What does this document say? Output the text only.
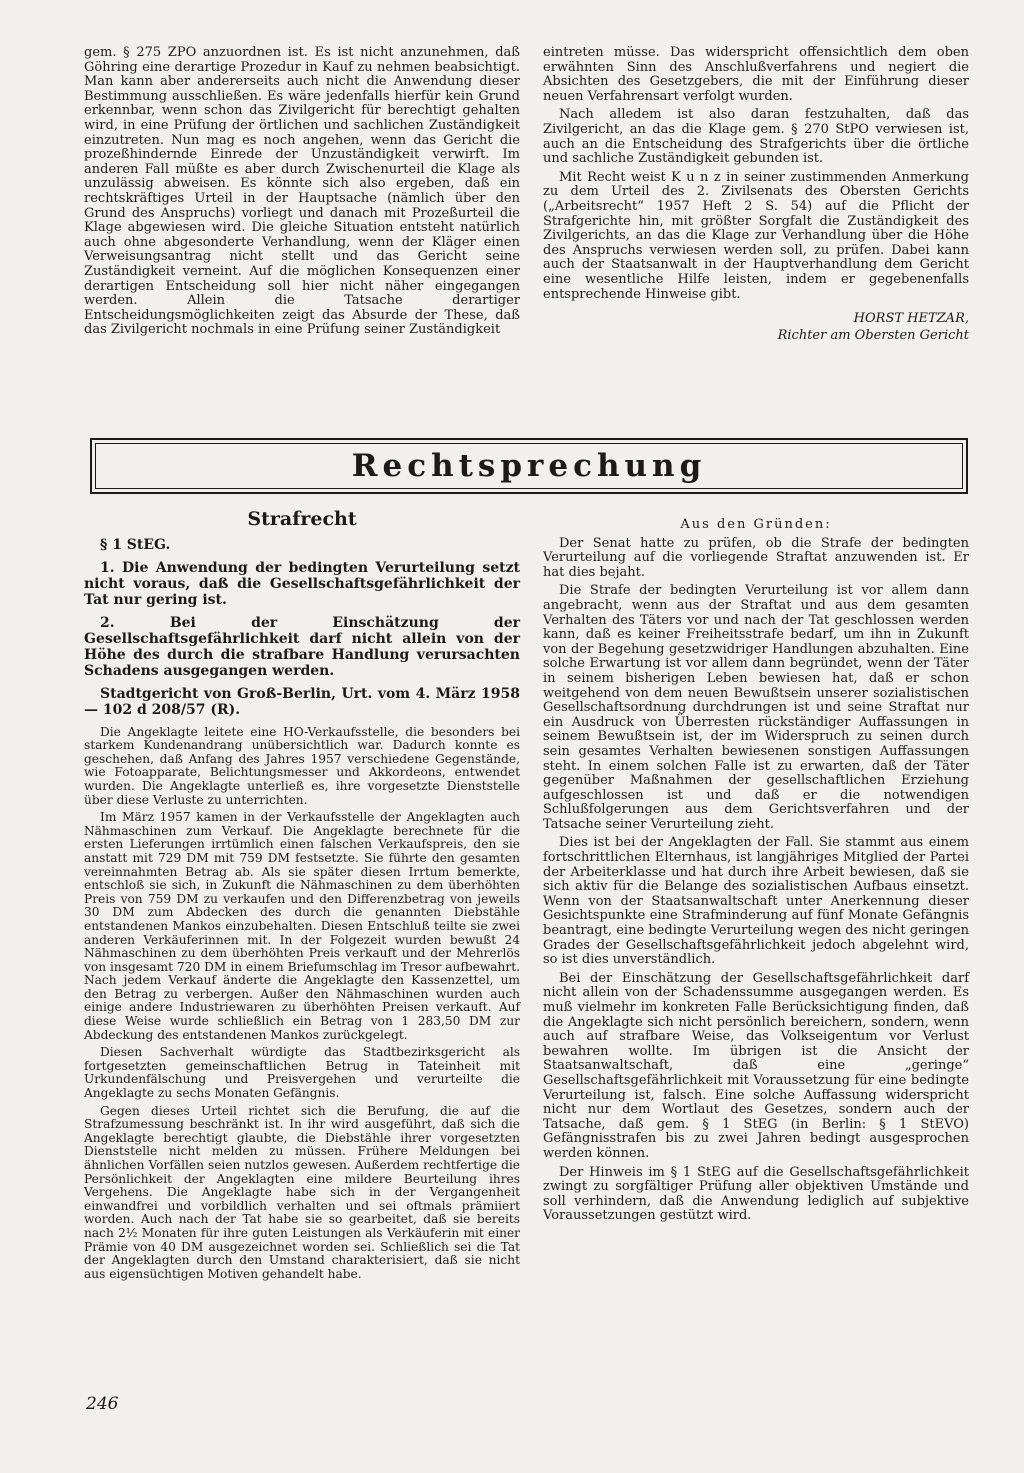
gem. § 275 ZPO anzuordnen ist. Es ist nicht anzunehmen, daß Göhring eine derartige Prozedur in Kauf zu nehmen beabsichtigt. Man kann aber andererseits auch nicht die Anwendung dieser Bestimmung ausschließen. Es wäre jedenfalls hierfür kein Grund erkennbar, wenn schon das Zivilgericht für berechtigt gehalten wird, in eine Prüfung der örtlichen und sachlichen Zuständigkeit einzutreten. Nun mag es noch angehen, wenn das Gericht die prozeßhindernde Einrede der Unzuständigkeit verwirft. Im anderen Fall müßte es aber durch Zwischenurteil die Klage als unzulässig abweisen. Es könnte sich also ergeben, daß ein rechtskräftiges Urteil in der Hauptsache (nämlich über den Grund des Anspruchs) vorliegt und danach mit Prozeßurteil die Klage abgewiesen wird. Die gleiche Situation entsteht natürlich auch ohne abgesonderte Verhandlung, wenn der Kläger einen Verweisungsantrag nicht stellt und das Gericht seine Zuständigkeit verneint. Auf die möglichen Konsequenzen einer derartigen Entscheidung soll hier nicht näher eingegangen werden. Allein die Tatsache derartiger Entscheidungsmöglichkeiten zeigt das Absurde der These, daß das Zivilgericht nochmals in eine Prüfung seiner Zuständigkeit

eintreten müsse. Das widerspricht offensichtlich dem oben erwähnten Sinn des Anschlußverfahrens und negiert die Absichten des Gesetzgebers, die mit der Einführung dieser neuen Verfahrensart verfolgt wurden.

Nach alledem ist also daran festzuhalten, daß das Zivilgericht, an das die Klage gem. § 270 StPO verwiesen ist, auch an die Entscheidung des Strafgerichts über die örtliche und sachliche Zuständigkeit gebunden ist.

Mit Recht weist K u n z in seiner zustimmenden Anmerkung zu dem Urteil des 2. Zivilsenats des Obersten Gerichts („Arbeitsrecht“ 1957 Heft 2 S. 54) auf die Pflicht der Strafgerichte hin, mit größter Sorgfalt die Zuständigkeit des Zivilgerichts, an das die Klage zur Verhandlung über die Höhe des Anspruchs verwiesen werden soll, zu prüfen. Dabei kann auch der Staatsanwalt in der Hauptverhandlung dem Gericht eine wesentliche Hilfe leisten, indem er gegebenenfalls entsprechende Hinweise gibt.

HORST HETZAR,
Richter am Obersten Gericht
Rechtsprechung
Strafrecht

§ 1 StEG.

1. Die Anwendung der bedingten Verurteilung setzt nicht voraus, daß die Gesellschaftsgefährlichkeit der Tat nur gering ist.

2. Bei der Einschätzung der Gesellschaftsgefährlichkeit darf nicht allein von der Höhe des durch die strafbare Handlung verursachten Schadens ausgegangen werden.

Stadtgericht von Groß-Berlin, Urt. vom 4. März 1958 — 102 d 208/57 (R).

Die Angeklagte leitete eine HO-Verkaufsstelle, die besonders bei starkem Kundenandrang unübersichtlich war. Dadurch konnte es geschehen, daß Anfang des Jahres 1957 verschiedene Gegenstände, wie Fotoapparate, Belichtungsmesser und Akkordeons, entwendet wurden. Die Angeklagte unterließ es, ihre vorgesetzte Dienststelle über diese Verluste zu unterrichten.

Im März 1957 kamen in der Verkaufsstelle der Angeklagten auch Nähmaschinen zum Verkauf. Die Angeklagte berechnete für die ersten Lieferungen irrtümlich einen falschen Verkaufspreis, den sie anstatt mit 729 DM mit 759 DM festsetzte. Sie führte den gesamten vereinnahmten Betrag ab. Als sie später diesen Irrtum bemerkte, entschloß sie sich, in Zukunft die Nähmaschinen zu dem überhöhten Preis von 759 DM zu verkaufen und den Differenzbetrag von jeweils 30 DM zum Abdecken des durch die genannten Diebstähle entstandenen Mankos einzubehalten. Diesen Entschluß teilte sie zwei anderen Verkäuferinnen mit. In der Folgezeit wurden bewußt 24 Nähmaschinen zu dem überhöhten Preis verkauft und der Mehrerlös von insgesamt 720 DM in einem Briefumschlag im Tresor aufbewahrt. Nach jedem Verkauf änderte die Angeklagte den Kassenzettel, um den Betrag zu verbergen. Außer den Nähmaschinen wurden auch einige andere Industriewaren zu überhöhten Preisen verkauft. Auf diese Weise wurde schließlich ein Betrag von 1 283,50 DM zur Abdeckung des entstandenen Mankos zurückgelegt.

Diesen Sachverhalt würdigte das Stadtbezirksgericht als fortgesetzten gemeinschaftlichen Betrug in Tateinheit mit Urkundenfälschung und Preisvergehen und verurteilte die Angeklagte zu sechs Monaten Gefängnis.

Gegen dieses Urteil richtet sich die Berufung, die auf die Strafzumessung beschränkt ist. In ihr wird ausgeführt, daß sich die Angeklagte berechtigt glaubte, die Diebstähle ihrer vorgesetzten Dienststelle nicht melden zu müssen. Frühere Meldungen bei ähnlichen Vorfällen seien nutzlos gewesen. Außerdem rechtfertige die Persönlichkeit der Angeklagten eine mildere Beurteilung ihres Vergehens. Die Angeklagte habe sich in der Vergangenheit einwandfrei und vorbildlich verhalten und sei oftmals prämiiert worden. Auch nach der Tat habe sie so gearbeitet, daß sie bereits nach 2½ Monaten für ihre guten Leistungen als Verkäuferin mit einer Prämie von 40 DM ausgezeichnet worden sei. Schließlich sei die Tat der Angeklagten durch den Umstand charakterisiert, daß sie nicht aus eigensüchtigen Motiven gehandelt habe.

Aus den Gründen:

Der Senat hatte zu prüfen, ob die Strafe der bedingten Verurteilung auf die vorliegende Straftat anzuwenden ist. Er hat dies bejaht.

Die Strafe der bedingten Verurteilung ist vor allem dann angebracht, wenn aus der Straftat und aus dem gesamten Verhalten des Täters vor und nach der Tat geschlossen werden kann, daß es keiner Freiheitsstrafe bedarf, um ihn in Zukunft von der Begehung gesetzwidriger Handlungen abzuhalten. Eine solche Erwartung ist vor allem dann begründet, wenn der Täter in seinem bisherigen Leben bewiesen hat, daß er schon weitgehend von dem neuen Bewußtsein unserer sozialistischen Gesellschaftsordnung durchdrungen ist und seine Straftat nur ein Ausdruck von Überresten rückständiger Auffassungen in seinem Bewußtsein ist, der im Widerspruch zu seinen durch sein gesamtes Verhalten bewiesenen sonstigen Auffassungen steht. In einem solchen Falle ist zu erwarten, daß der Täter gegenüber Maßnahmen der gesellschaftlichen Erziehung aufgeschlossen ist und daß er die notwendigen Schlußfolgerungen aus dem Gerichtsverfahren und der Tatsache seiner Verurteilung zieht.

Dies ist bei der Angeklagten der Fall. Sie stammt aus einem fortschrittlichen Elternhaus, ist langjähriges Mitglied der Partei der Arbeiterklasse und hat durch ihre Arbeit bewiesen, daß sie sich aktiv für die Belange des sozialistischen Aufbaus einsetzt. Wenn von der Staatsanwaltschaft unter Anerkennung dieser Gesichtspunkte eine Strafminderung auf fünf Monate Gefängnis beantragt, eine bedingte Verurteilung wegen des nicht geringen Grades der Gesellschaftsgefährlichkeit jedoch abgelehnt wird, so ist dies unverständlich.

Bei der Einschätzung der Gesellschaftsgefährlichkeit darf nicht allein von der Schadenssumme ausgegangen werden. Es muß vielmehr im konkreten Falle Berücksichtigung finden, daß die Angeklagte sich nicht persönlich bereichern, sondern, wenn auch auf strafbare Weise, das Volkseigentum vor Verlust bewahren wollte. Im übrigen ist die Ansicht der Staatsanwaltschaft, daß eine „geringe“ Gesellschaftsgefährlichkeit mit Voraussetzung für eine bedingte Verurteilung ist, falsch. Eine solche Auffassung widerspricht nicht nur dem Wortlaut des Gesetzes, sondern auch der Tatsache, daß gem. § 1 StEG (in Berlin: § 1 StEVO) Gefängnisstrafen bis zu zwei Jahren bedingt ausgesprochen werden können.

Der Hinweis im § 1 StEG auf die Gesellschaftsgefährlichkeit zwingt zu sorgfältiger Prüfung aller objektiven Umstände und soll verhindern, daß die Anwendung lediglich auf subjektive Voraussetzungen gestützt wird.

246
